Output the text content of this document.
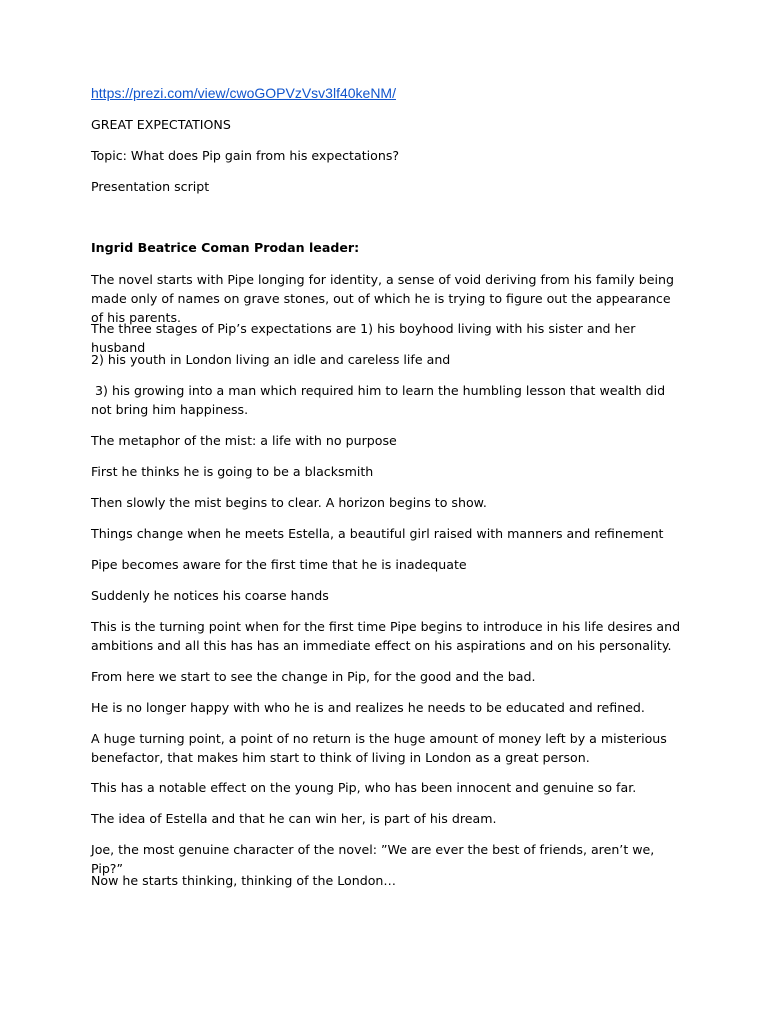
https://prezi.com/view/cwoGOPVzVsv3lf40keNM/

GREAT EXPECTATIONS

Topic: What does Pip gain from his expectations?

Presentation script

Ingrid Beatrice Coman Prodan leader:

The novel starts with Pipe longing for identity, a sense of void deriving from his family being made only of names on grave stones, out of which he is trying to figure out the appearance of his parents.

The three stages of Pip’s expectations are 1) his boyhood living with his sister and her husband

2) his youth in London living an idle and careless life and

3) his growing into a man which required him to learn the humbling lesson that wealth did not bring him happiness.

The metaphor of the mist: a life with no purpose

First he thinks he is going to be a blacksmith

Then slowly the mist begins to clear. A horizon begins to show.

Things change when he meets Estella, a beautiful girl raised with manners and refinement

Pipe becomes aware for the first time that he is inadequate

Suddenly he notices his coarse hands

This is the turning point when for the first time Pipe begins to introduce in his life desires and ambitions and all this has has an immediate effect on his aspirations and on his personality.

From here we start to see the change in Pip, for the good and the bad.

He is no longer happy with who he is and realizes he needs to be educated and refined.

A huge turning point, a point of no return is the huge amount of money left by a misterious benefactor, that makes him start to think of living in London as a great person.

This has a notable effect on the young Pip, who has been innocent and genuine so far.

The idea of Estella and that he can win her, is part of his dream.

Joe, the most genuine character of the novel: ”We are ever the best of friends, aren’t we, Pip?”

Now he starts thinking, thinking of the London…
